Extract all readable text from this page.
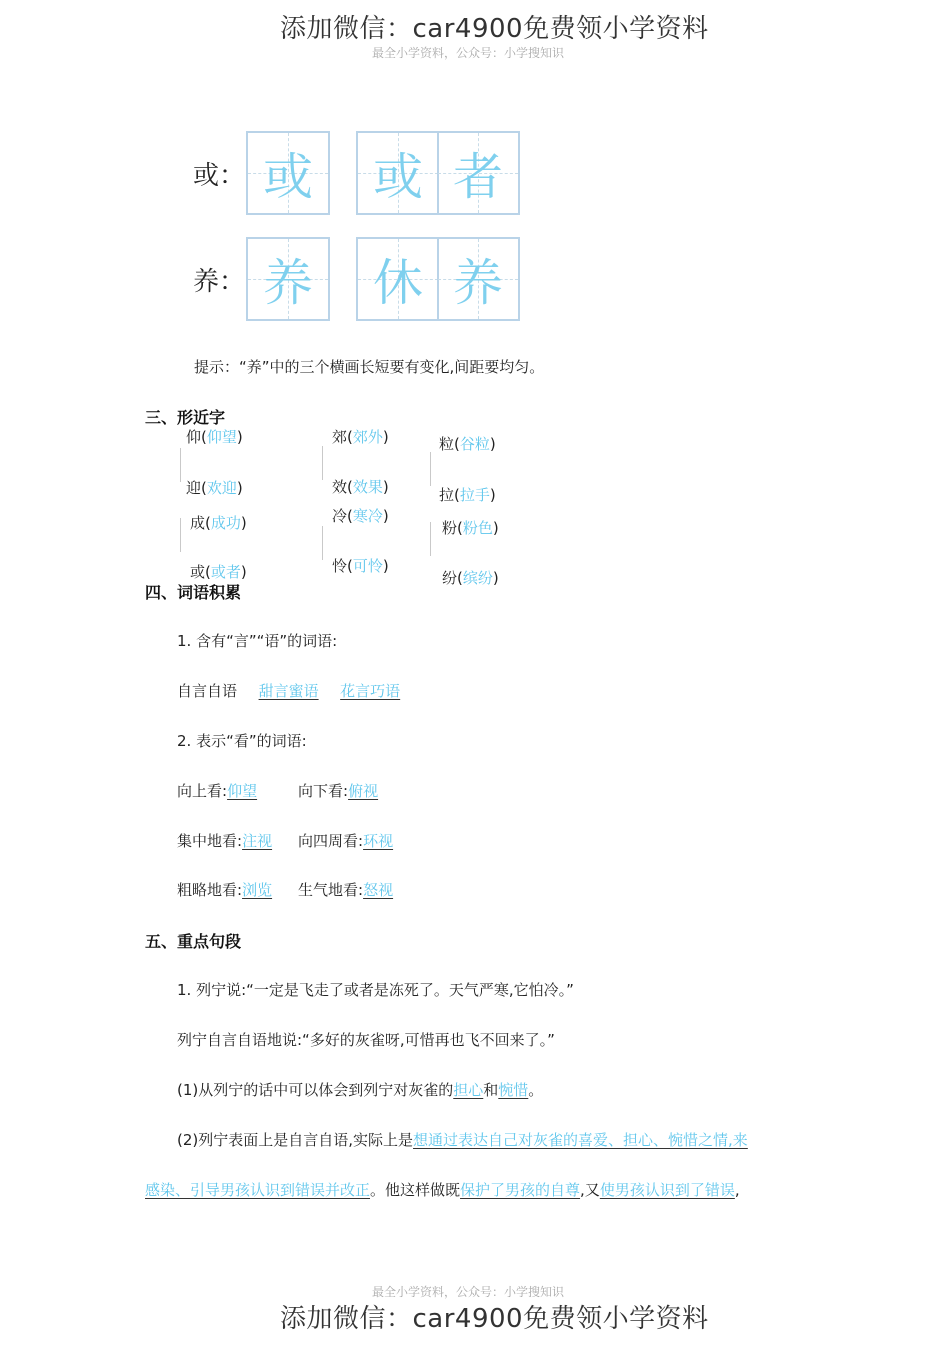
添加微信：car4900免费领小学资料
最全小学资料，公众号：小学搜知识
或： 或 或 者
养： 养 休 养
提示：“养”中的三个横画长短要有变化,间距要均匀。
三、形近字
仰(仰望)
迎(欢迎)
成(成功)
或(或者)
郊(郊外)
效(效果)
冷(寒冷)
怜(可怜)
粒(谷粒)
拉(拉手)
粉(粉色)
纷(缤纷)
四、词语积累
1. 含有“言”“语”的词语:
自言自语 甜言蜜语 花言巧语
2. 表示“看”的词语:
向上看:仰望	向下看:俯视
集中地看:注视 向四周看:环视
粗略地看:浏览 生气地看:怒视
五、重点句段
1. 列宁说:“一定是飞走了或者是冻死了。天气严寒,它怕冷。”
列宁自言自语地说:“多好的灰雀呀,可惜再也飞不回来了。”
(1)从列宁的话中可以体会到列宁对灰雀的担心和惋惜。
(2)列宁表面上是自言自语,实际上是想通过表达自己对灰雀的喜爱、担心、惋惜之情,来
感染、引导男孩认识到错误并改正。他这样做既保护了男孩的自尊,又使男孩认识到了错误,
最全小学资料，公众号：小学搜知识
添加微信：car4900免费领小学资料
